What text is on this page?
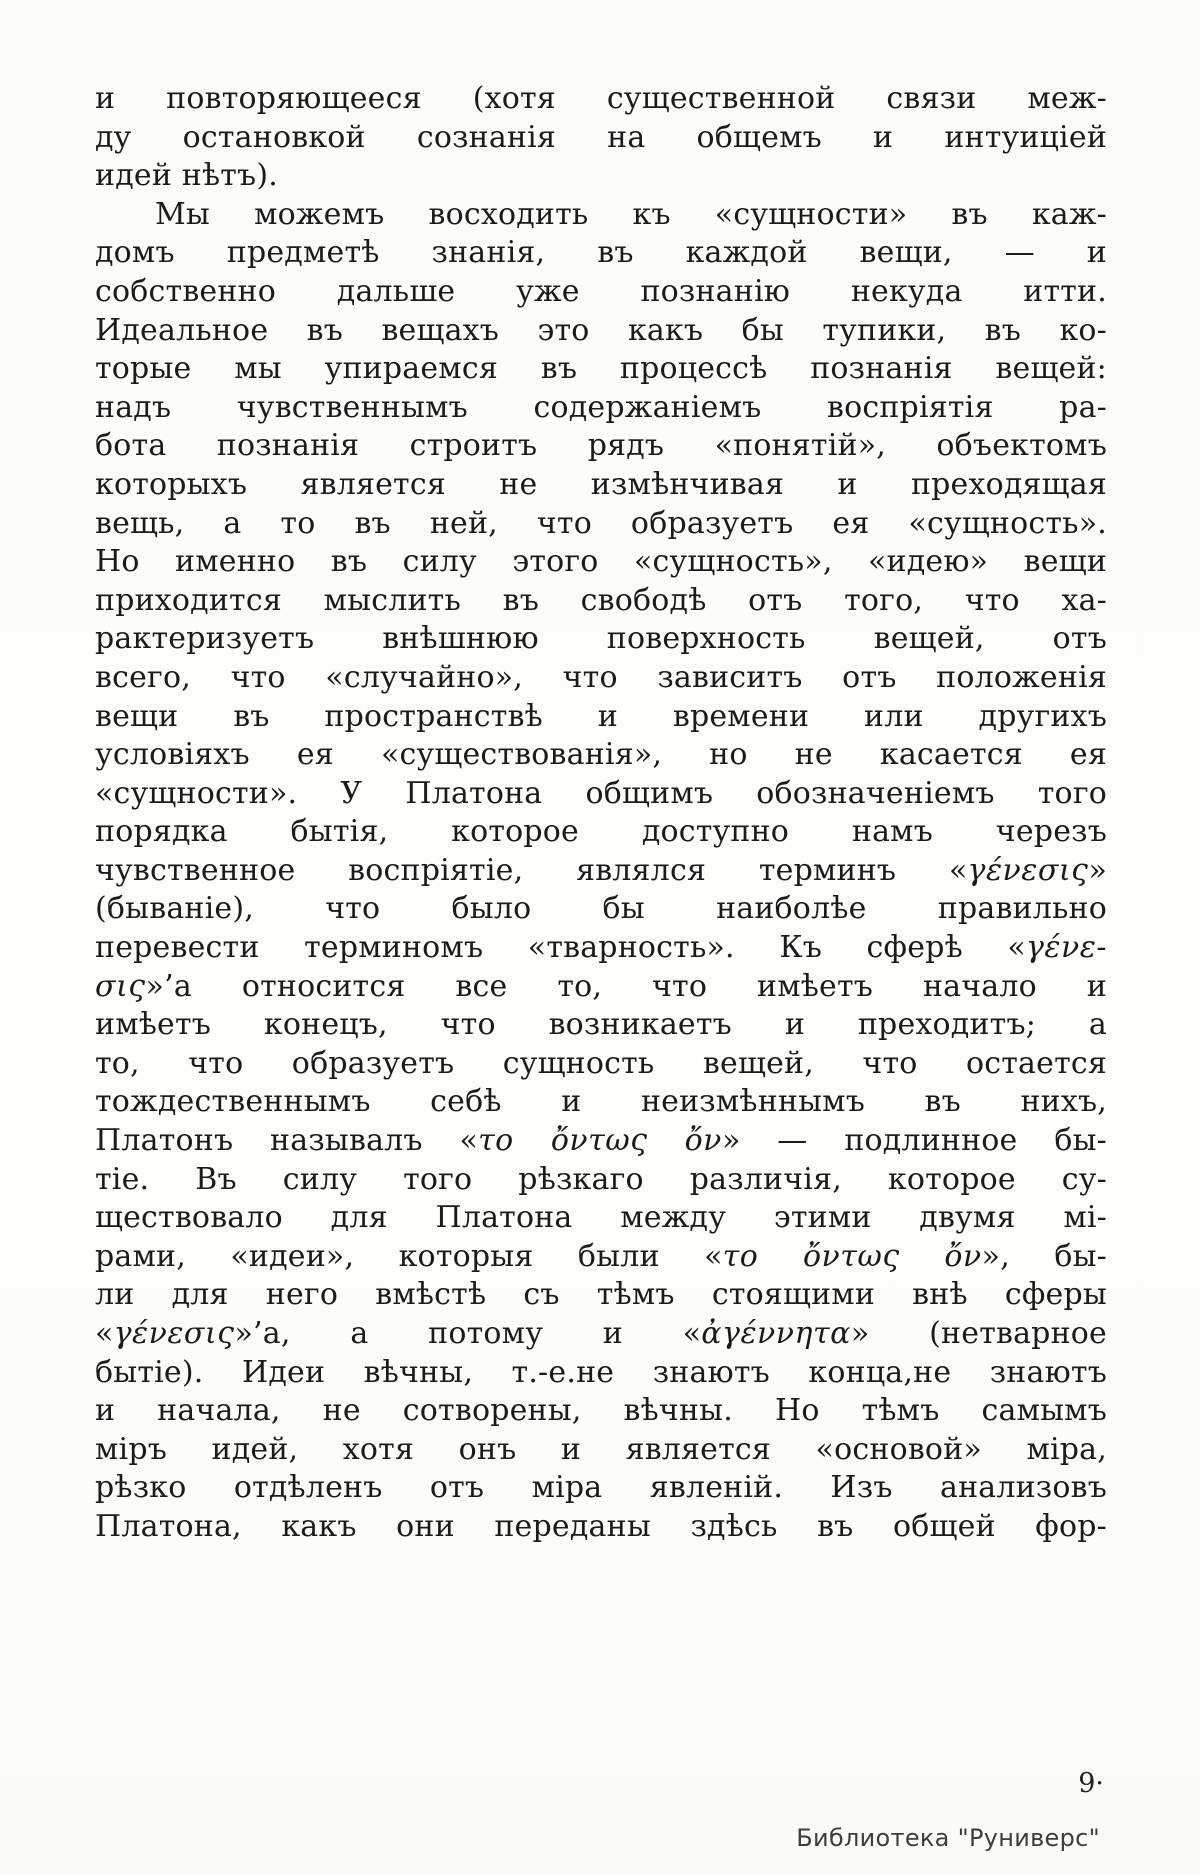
и повторяющееся (хотя существенной связи меж-
ду остановкой сознанія на общемъ и интуиціей
идей нѣтъ).
Мы можемъ восходить къ «сущности» въ каж-
домъ предметѣ знанія, въ каждой вещи, — и
собственно дальше уже познанію некуда итти.
Идеальное въ вещахъ это какъ бы тупики, въ ко-
торые мы упираемся въ процессѣ познанія вещей:
надъ чувственнымъ содержаніемъ воспріятія ра-
бота познанія строитъ рядъ «понятій», объектомъ
которыхъ является не измѣнчивая и преходящая
вещь, а то въ ней, что образуетъ ея «сущность».
Но именно въ силу этого «сущность», «идею» вещи
приходится мыслить въ свободѣ отъ того, что ха-
рактеризуетъ внѣшнюю поверхность вещей, отъ
всего, что «случайно», что зависитъ отъ положенія
вещи въ пространствѣ и времени или другихъ
условіяхъ ея «существованія», но не касается ея
«сущности». У Платона общимъ обозначеніемъ того
порядка бытія, которое доступно намъ черезъ
чувственное воспріятіе, являлся терминъ «γένεσις»
(бываніе), что было бы наиболѣе правильно
перевести терминомъ «тварность». Къ сферѣ «γένε-
σις»’а относится все то, что имѣетъ начало и
имѣетъ конецъ, что возникаетъ и преходитъ; а
то, что образуетъ сущность вещей, что остается
тождественнымъ себѣ и неизмѣннымъ въ нихъ,
Платонъ называлъ «το ὄντως ὄν» — подлинное бы-
тіе. Въ силу того рѣзкаго различія, которое су-
ществовало для Платона между этими двумя мі-
рами, «идеи», которыя были «το ὄντως ὄν», бы-
ли для него вмѣстѣ съ тѣмъ стоящими внѣ сферы
«γένεσις»’а, а потому и «ἀγέννητα» (нетварное
бытіе). Идеи вѣчны, т.-е.не знаютъ конца,не знаютъ
и начала, не сотворены, вѣчны. Но тѣмъ самымъ
міръ идей, хотя онъ и является «основой» міра,
рѣзко отдѣленъ отъ міра явленій. Изъ анализовъ
Платона, какъ они переданы здѣсь въ общей фор-
9·
Библиотека "Руниверс"
